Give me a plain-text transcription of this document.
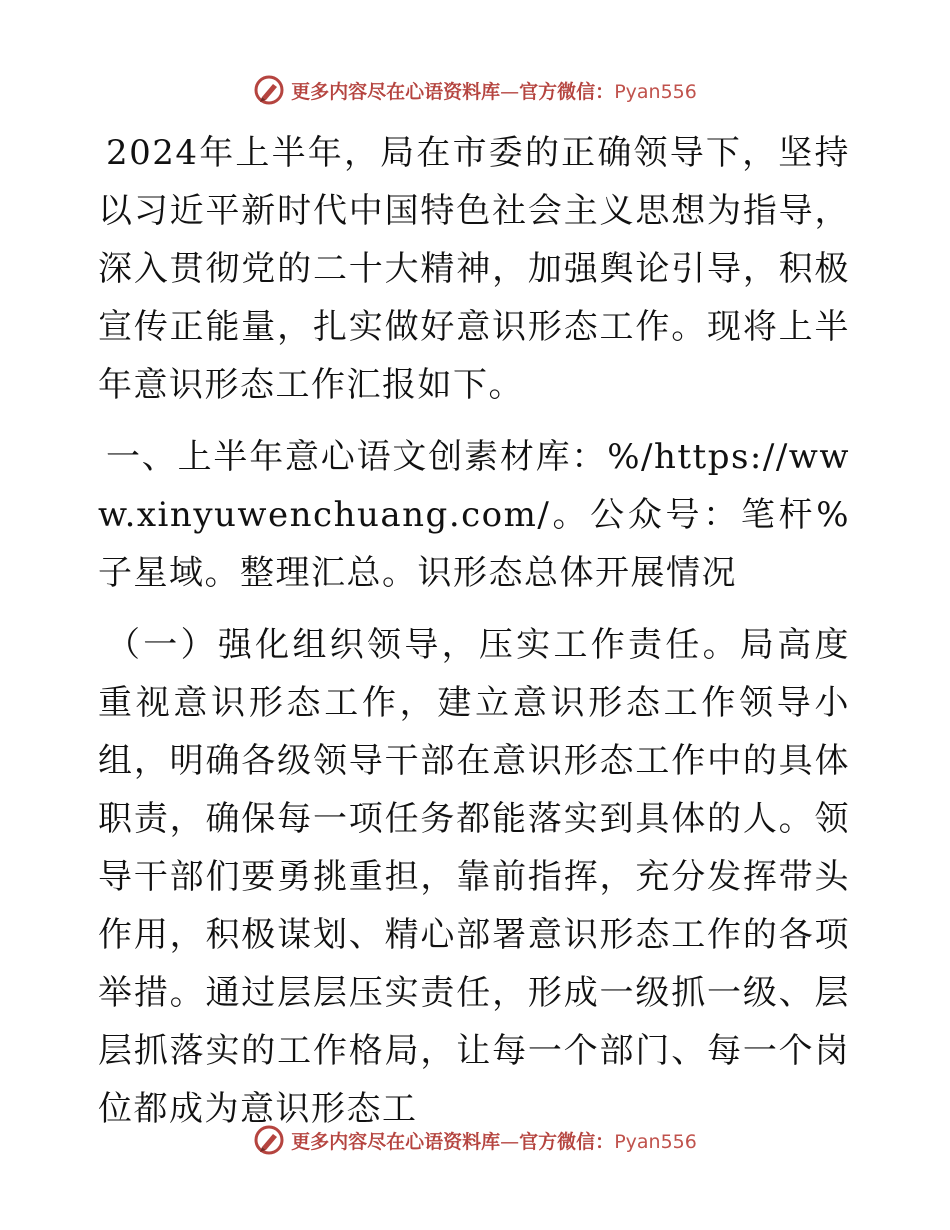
更多内容尽在心语资料库—官方微信：Pyan556

2024年上半年，局在市委的正确领导下，坚持以习近平新时代中国特色社会主义思想为指导，深入贯彻党的二十大精神，加强舆论引导，积极宣传正能量，扎实做好意识形态工作。现将上半年意识形态工作汇报如下。

一、上半年意心语文创素材库：%/https://www.xinyuwenchuang.com/。公众号：笔杆%子星域。整理汇总。识形态总体开展情况

（一）强化组织领导，压实工作责任。局高度重视意识形态工作，建立意识形态工作领导小组，明确各级领导干部在意识形态工作中的具体职责，确保每一项任务都能落实到具体的人。领导干部们要勇挑重担，靠前指挥，充分发挥带头作用，积极谋划、精心部署意识形态工作的各项举措。通过层层压实责任，形成一级抓一级、层层抓落实的工作格局，让每一个部门、每一个岗位都成为意识形态工

更多内容尽在心语资料库—官方微信：Pyan556
